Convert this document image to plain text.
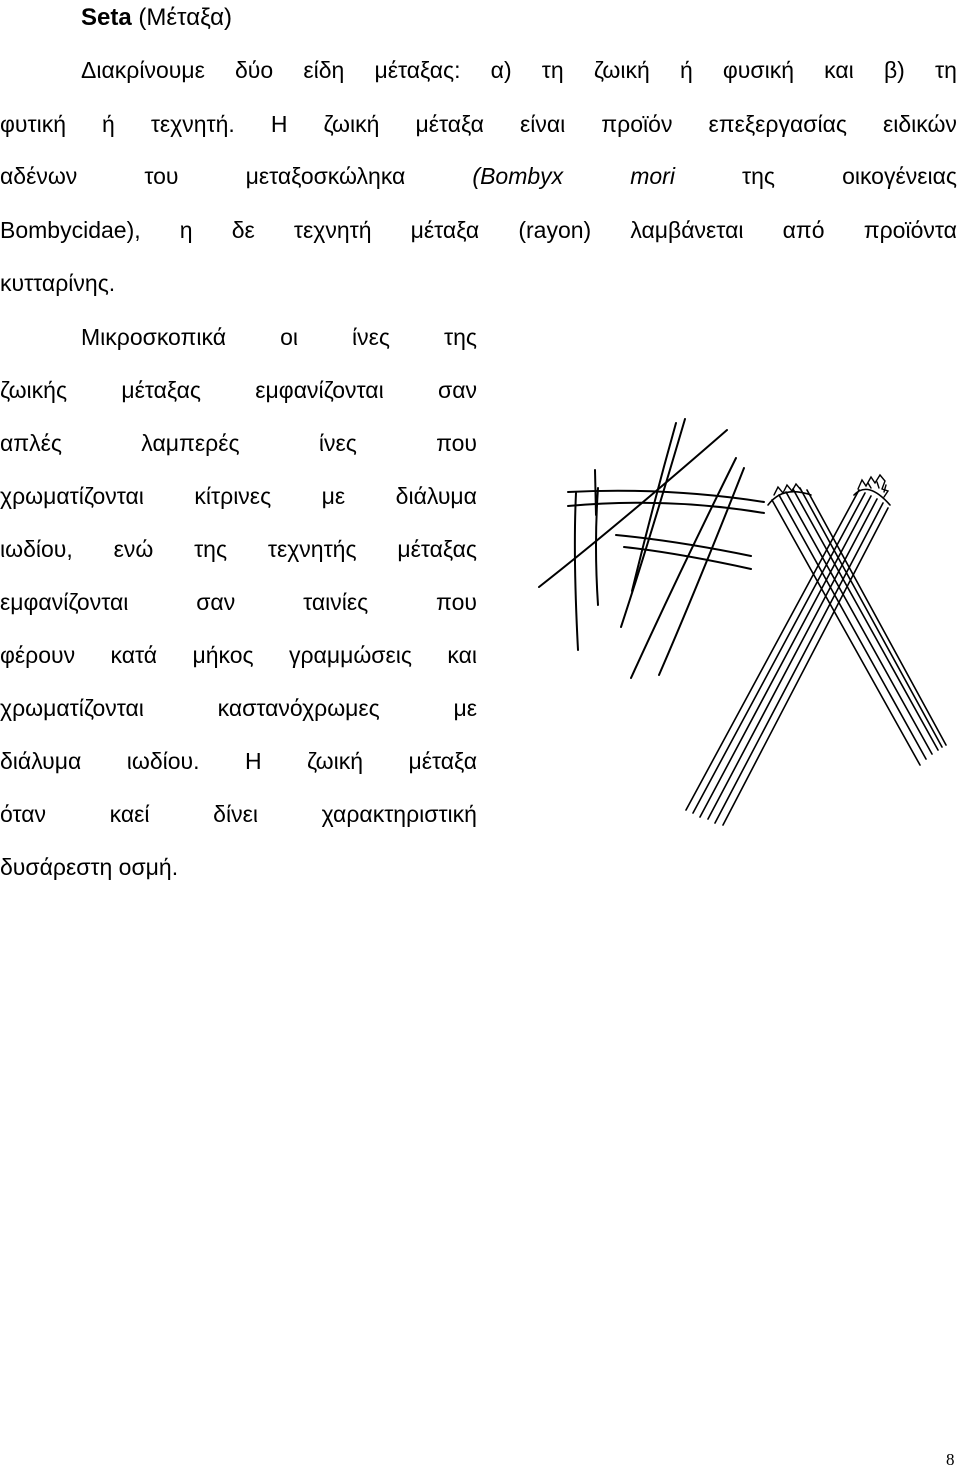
Seta (Μέταξα)
Διακρίνουμε δύο είδη μέταξας: α) τη ζωική ή φυσική και β) τη
φυτική ή τεχνητή. Η ζωική μέταξα είναι προϊόν επεξεργασίας ειδικών
αδένων	του	μεταξοσκώληκα	(Bombyx	mori	της	οικογένειας
Bombycidae), η δε τεχνητή μέταξα (rayon) λαμβάνεται από προϊόντα
κυτταρίνης.
Μικροσκοπικά οι ίνες της
ζωικής μέταξας εμφανίζονται σαν
απλές	λαμπερές	ίνες	που
χρωματίζονται κίτρινες με διάλυμα
ιωδίου, ενώ της τεχνητής μέταξας
εμφανίζονται	σαν	ταινίες	που
φέρουν κατά μήκος γραμμώσεις και
χρωματίζονται	καστανόχρωμες	με
διάλυμα ιωδίου. Η ζωική μέταξα
όταν	καεί	δίνει	χαρακτηριστική
δυσάρεστη οσμή.
8
